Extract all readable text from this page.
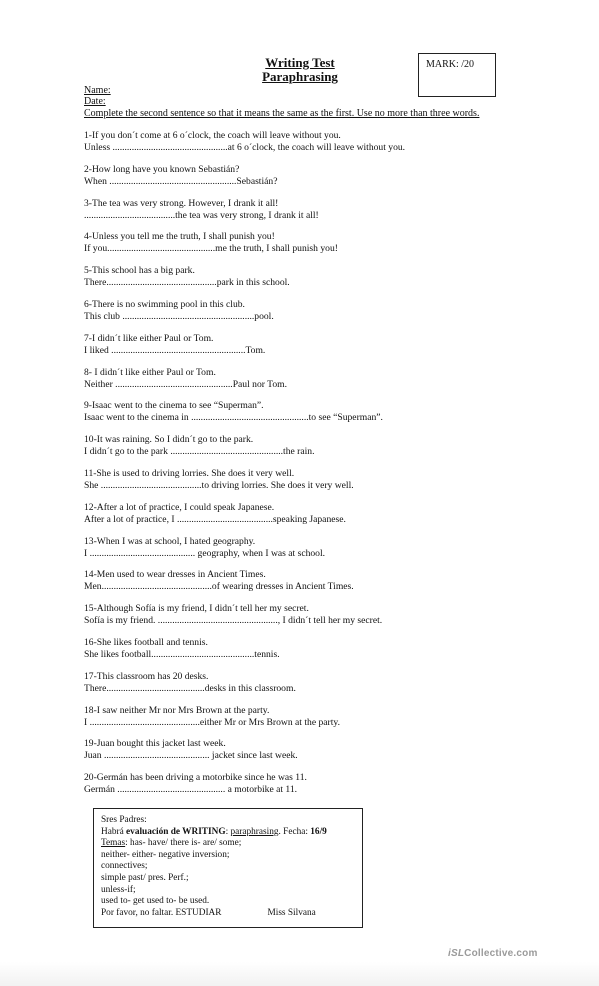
Writing Test
Paraphrasing
MARK: /20
Name:
Date:
Complete the second sentence so that it means the same as the first. Use no more than three words.
1-If you don´t come at 6 o´clock, the coach will leave without you.
Unless ................................................at 6 o´clock, the coach will leave without you.
2-How long have you known Sebastián?
When .....................................................Sebastián?
3-The tea was very strong. However, I drank it all!
......................................the tea was very strong, I drank it all!
4-Unless you tell me the truth, I shall punish you!
If you.............................................me the truth, I shall punish you!
5-This school has a big park.
There..............................................park in this school.
6-There is no swimming pool in this club.
This club .......................................................pool.
7-I didn´t like either Paul or Tom.
I liked ........................................................Tom.
8- I didn´t like either Paul or Tom.
Neither .................................................Paul nor Tom.
9-Isaac went to the cinema to see “Superman”.
Isaac went to the cinema in .................................................to see “Superman”.
10-It was raining. So I didn´t go to the park.
I didn´t go to the park ...............................................the rain.
11-She is used to driving lorries. She does it very well.
She ..........................................to driving lorries. She does it very well.
12-After a lot of practice, I could speak Japanese.
After a lot of practice, I ........................................speaking Japanese.
13-When I was at school, I hated geography.
I ............................................ geography, when I was at school.
14-Men used to wear dresses in Ancient Times.
Men..............................................of wearing dresses in Ancient Times.
15-Although Sofía is my friend, I didn´t tell her my secret.
Sofía is my friend. .................................................., I didn´t tell her my secret.
16-She likes football and tennis.
She likes football...........................................tennis.
17-This classroom has 20 desks.
There.........................................desks in this classroom.
18-I saw neither Mr nor Mrs Brown at the party.
I ..............................................either Mr or Mrs Brown at the party.
19-Juan bought this jacket last week.
Juan ............................................ jacket since last week.
20-Germán has been driving a motorbike since he was 11.
Germán ............................................. a motorbike at 11.
Sres Padres:
Habrá evaluación de WRITING: paraphrasing. Fecha: 16/9
Temas: has- have/ there is- are/ some;
neither- either- negative inversion;
connectives;
simple past/ pres. Perf.;
unless-if;
used to- get used to- be used.
Por favor, no faltar. ESTUDIAR	Miss Silvana
iSLCollective.com
